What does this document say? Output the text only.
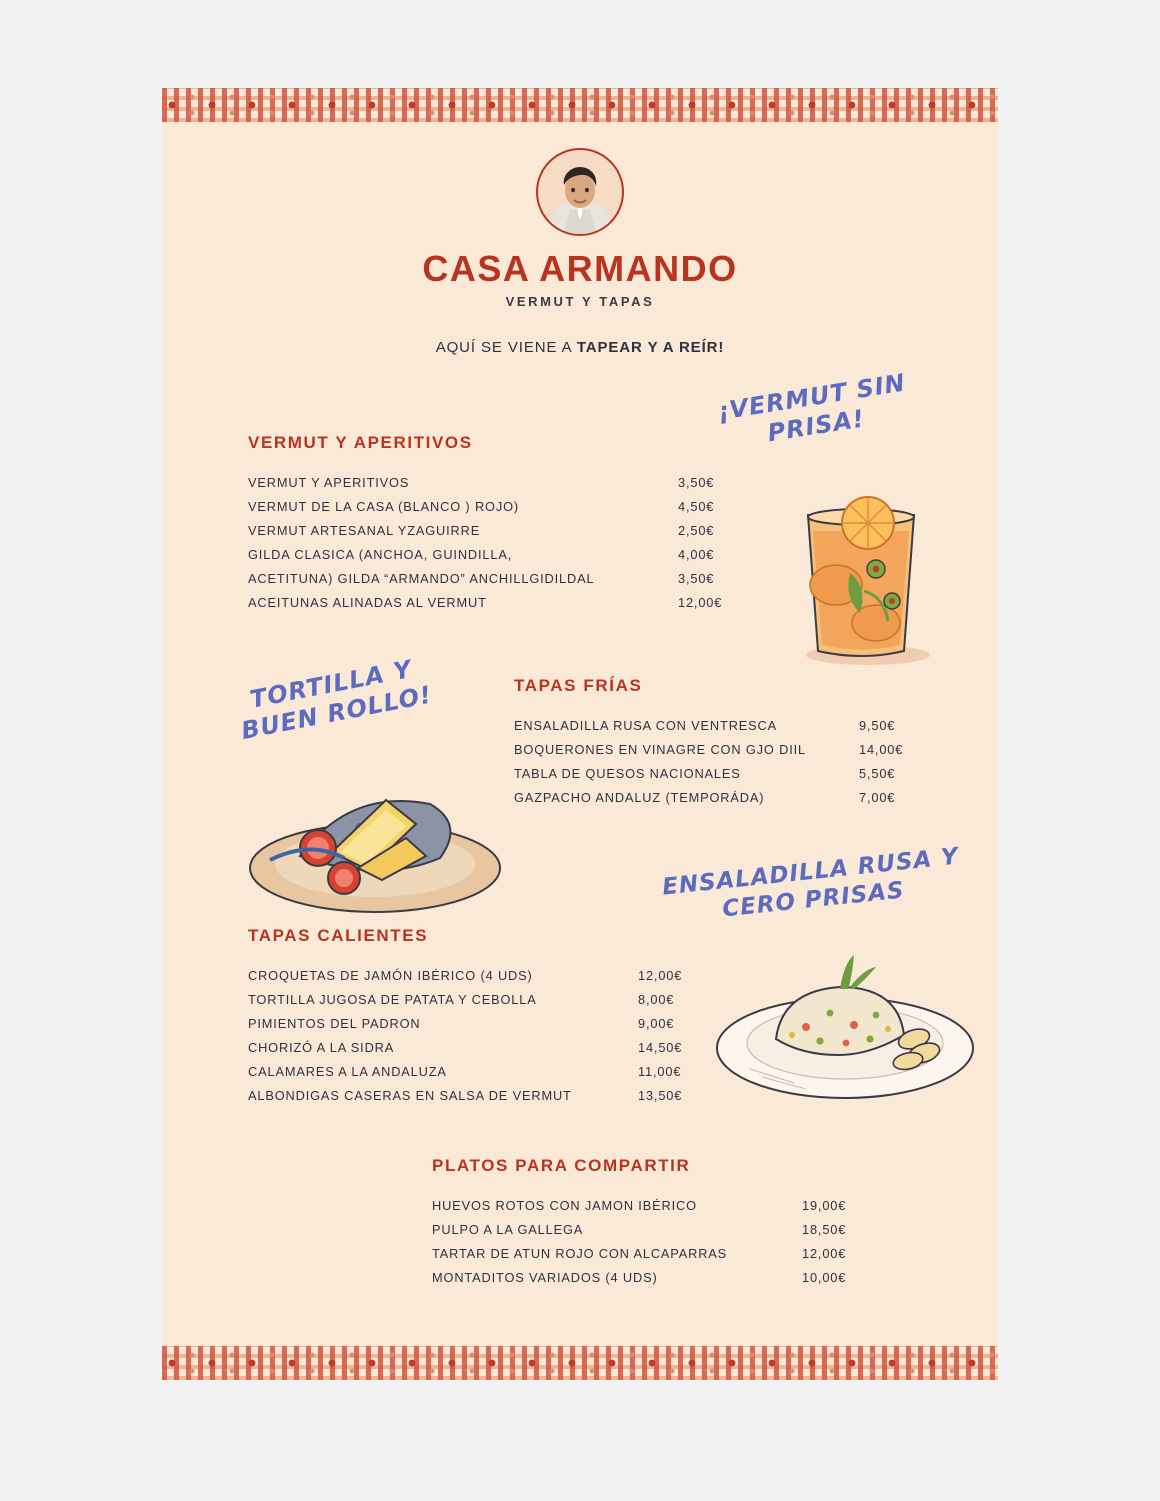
CASA ARMANDO
VERMUT Y TAPAS
AQUÍ SE VIENE A TAPEAR Y A REÍR!
¡VERMUT SIN PRISA!
TORTILLA Y BUEN ROLLO!
ENSALADILLA RUSA Y CERO PRISAS
VERMUT Y APERITIVOS
VERMUT Y APERITIVOS	3,50€
VERMUT DE LA CASA (BLANCO ) ROJO)	4,50€
VERMUT ARTESANAL YZAGUIRRE	2,50€
GILDA CLASICA (ANCHOA, GUINDILLA,	4,00€
ACETITUNA) GILDA “ARMANDO” ANCHILLGIDILDAL	3,50€
ACEITUNAS ALINADAS AL VERMUT	12,00€
TAPAS FRÍAS
ENSALADILLA RUSA CON VENTRESCA	9,50€
BOQUERONES EN VINAGRE CON GJO DIIL	14,00€
TABLA DE QUESOS NACIONALES	5,50€
GAZPACHO ANDALUZ (TEMPORÁDA)	7,00€
TAPAS CALIENTES
CROQUETAS DE JAMÓN IBÉRICO (4 UDS)	12,00€
TORTILLA JUGOSA DE PATATA Y CEBOLLA	8,00€
PIMIENTOS DEL PADRON	9,00€
CHORIZÓ A LA SIDRA	14,50€
CALAMARES A LA ANDALUZA	11,00€
ALBONDIGAS CASERAS EN SALSA DE VERMUT	13,50€
PLATOS PARA COMPARTIR
HUEVOS ROTOS CON JAMON IBÉRICO	19,00€
PULPO A LA GALLEGA	18,50€
TARTAR DE ATUN ROJO CON ALCAPARRAS	12,00€
MONTADITOS VARIADOS (4 UDS)	10,00€
